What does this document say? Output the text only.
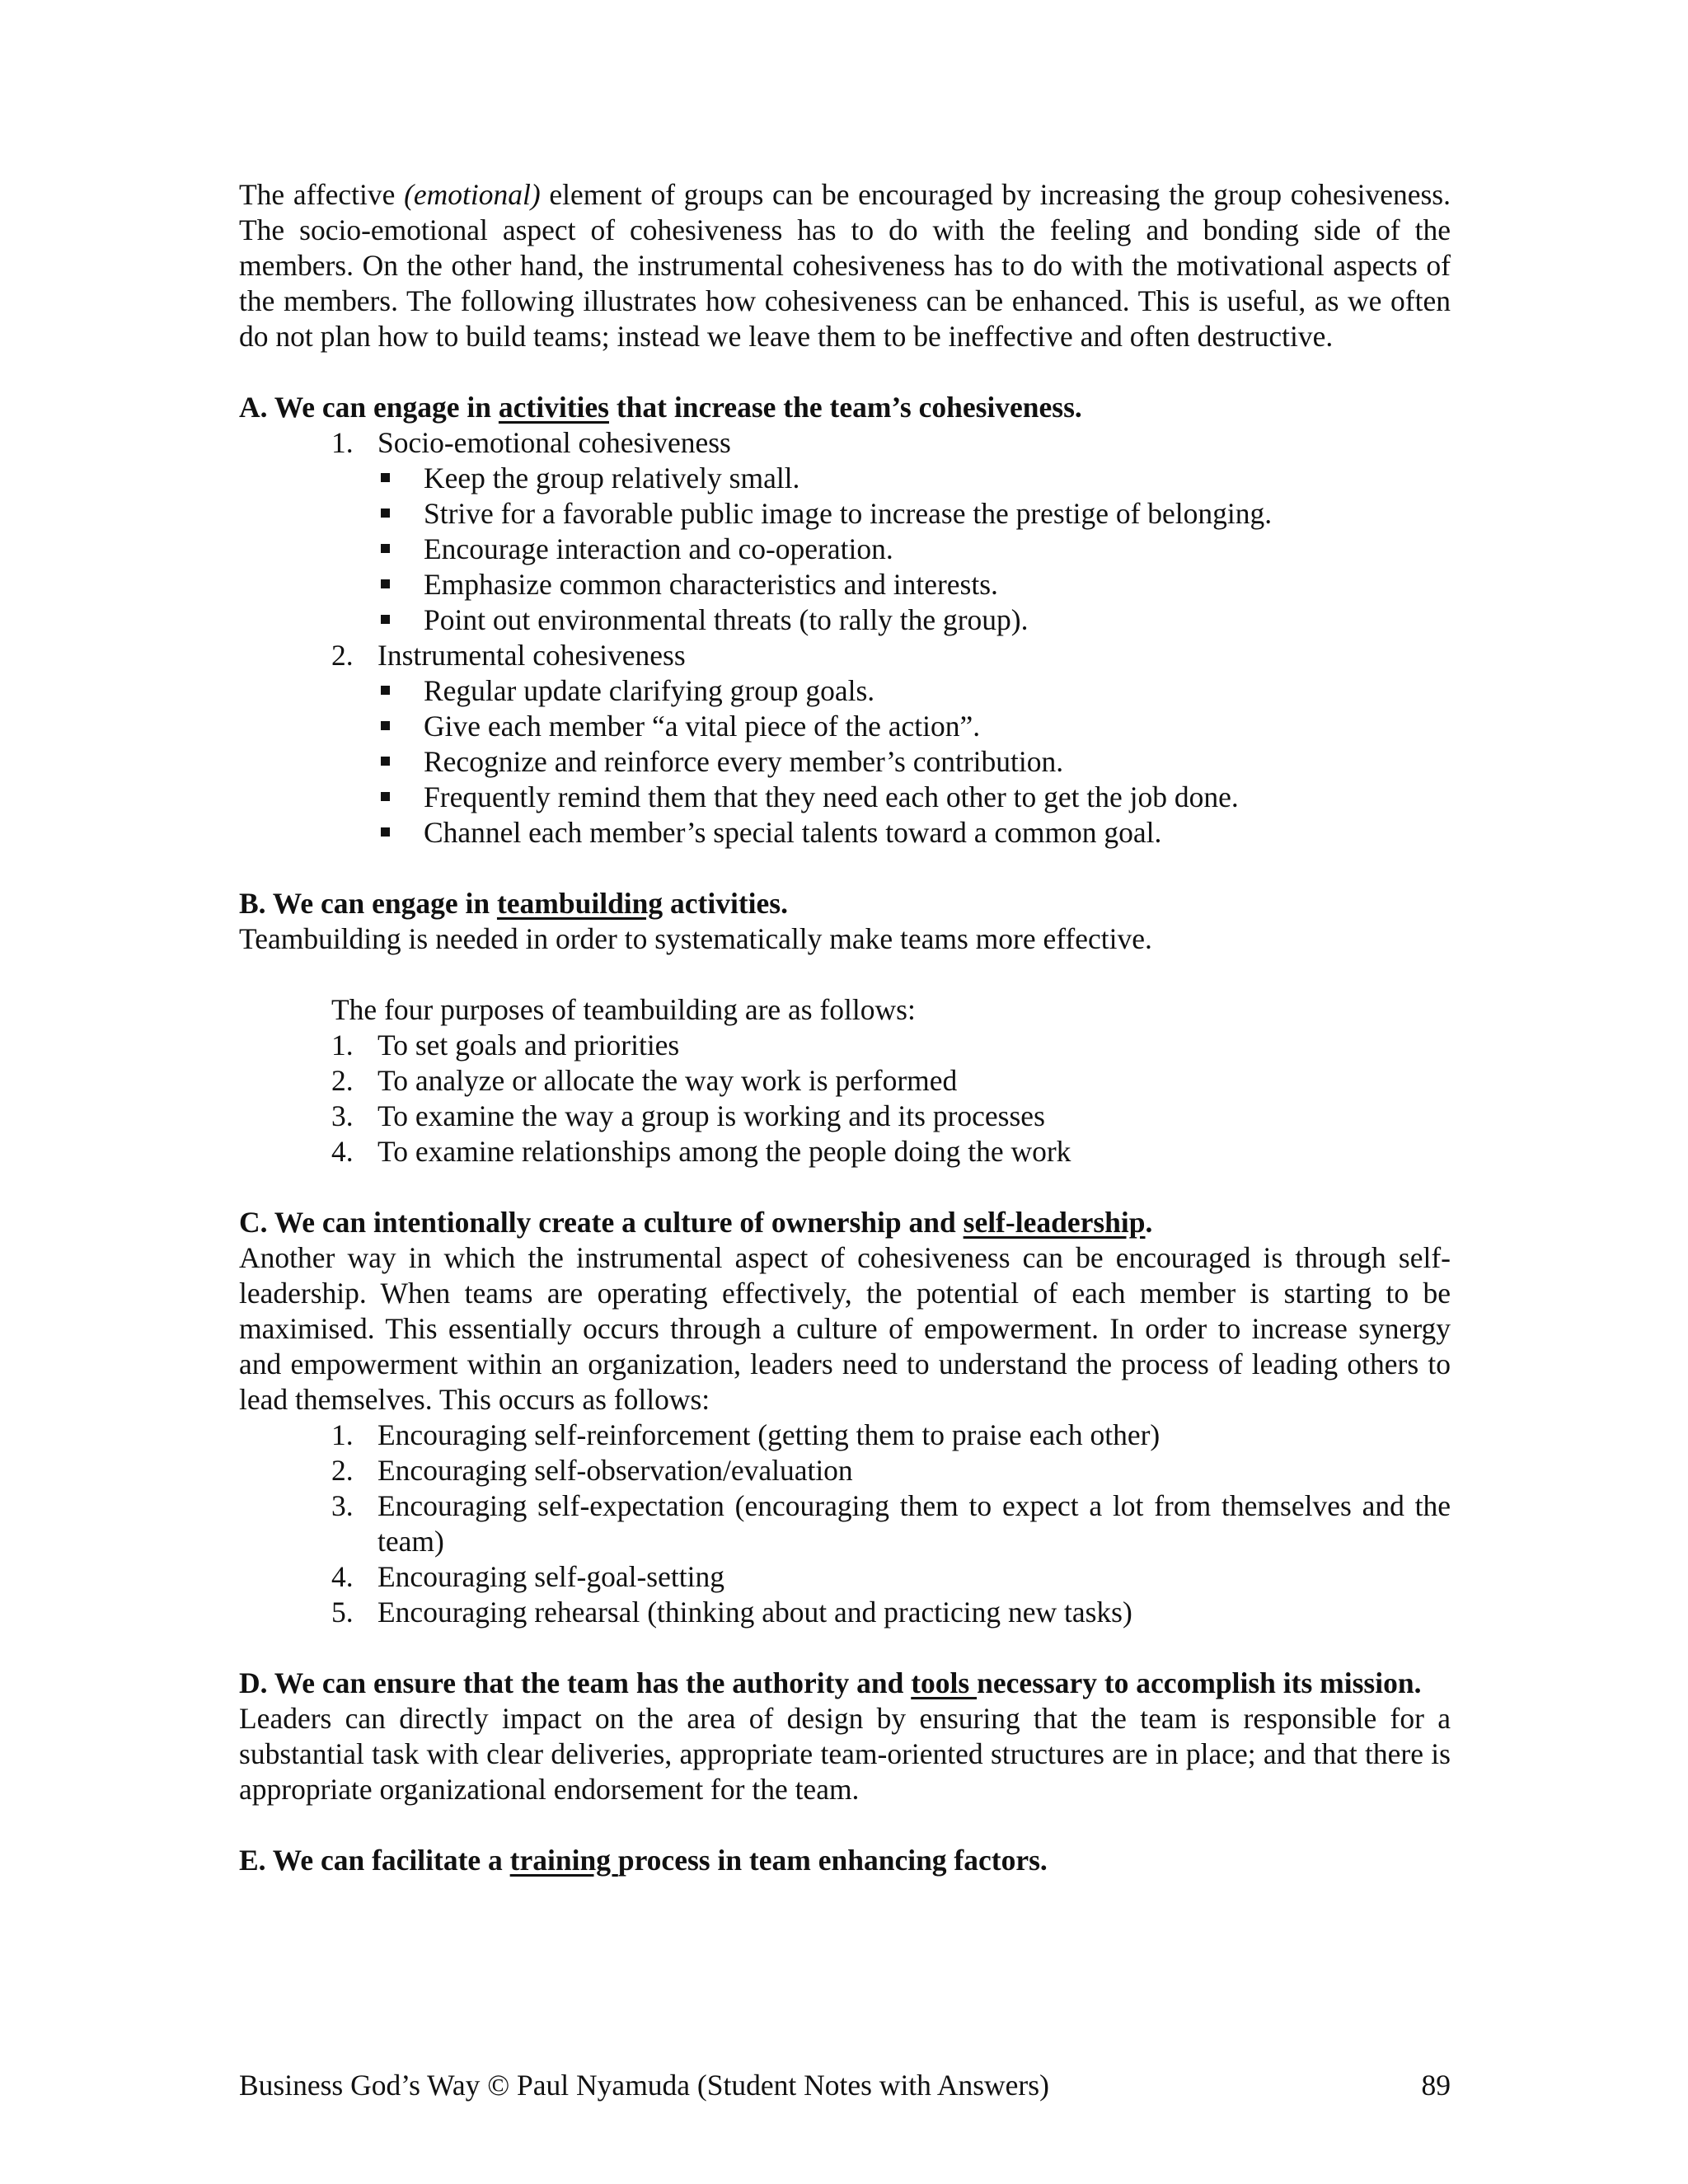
The affective (emotional) element of groups can be encouraged by increasing the group cohesiveness. The socio-emotional aspect of cohesiveness has to do with the feeling and bonding side of the members. On the other hand, the instrumental cohesiveness has to do with the motivational aspects of the members. The following illustrates how cohesiveness can be enhanced. This is useful, as we often do not plan how to build teams; instead we leave them to be ineffective and often destructive.

A. We can engage in activities that increase the team’s cohesiveness.

1. Socio-emotional cohesiveness
Keep the group relatively small.
Strive for a favorable public image to increase the prestige of belonging.
Encourage interaction and co-operation.
Emphasize common characteristics and interests.
Point out environmental threats (to rally the group).
2. Instrumental cohesiveness
Regular update clarifying group goals.
Give each member “a vital piece of the action”.
Recognize and reinforce every member’s contribution.
Frequently remind them that they need each other to get the job done.
Channel each member’s special talents toward a common goal.

B. We can engage in teambuilding activities.

Teambuilding is needed in order to systematically make teams more effective.

The four purposes of teambuilding are as follows:

1. To set goals and priorities
2. To analyze or allocate the way work is performed
3. To examine the way a group is working and its processes
4. To examine relationships among the people doing the work

C. We can intentionally create a culture of ownership and self-leadership.

Another way in which the instrumental aspect of cohesiveness can be encouraged is through self-leadership. When teams are operating effectively, the potential of each member is starting to be maximised. This essentially occurs through a culture of empowerment. In order to increase synergy and empowerment within an organization, leaders need to understand the process of leading others to lead themselves. This occurs as follows:

1. Encouraging self-reinforcement (getting them to praise each other)
2. Encouraging self-observation/evaluation
3. Encouraging self-expectation (encouraging them to expect a lot from themselves and the team)
4. Encouraging self-goal-setting
5. Encouraging rehearsal (thinking about and practicing new tasks)

D. We can ensure that the team has the authority and tools necessary to accomplish its mission.

Leaders can directly impact on the area of design by ensuring that the team is responsible for a substantial task with clear deliveries, appropriate team-oriented structures are in place; and that there is appropriate organizational endorsement for the team.

E. We can facilitate a training process in team enhancing factors.

Business God’s Way © Paul Nyamuda (Student Notes with Answers)	89
